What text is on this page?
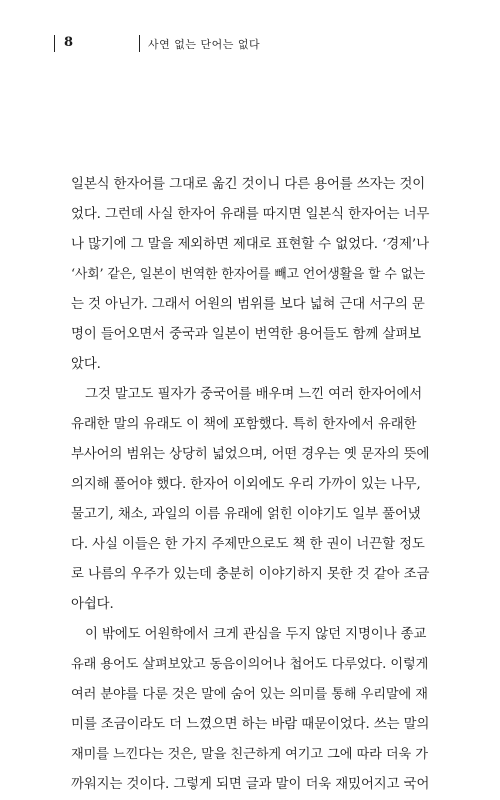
8	사연 없는 단어는 없다
일본식 한자어를 그대로 옮긴 것이니 다른 용어를 쓰자는 것이
었다. 그런데 사실 한자어 유래를 따지면 일본식 한자어는 너무
나 많기에 그 말을 제외하면 제대로 표현할 수 없었다. ‘경제’나
‘사회’ 같은, 일본이 번역한 한자어를 빼고 언어생활을 할 수 없는
는 것 아닌가. 그래서 어원의 범위를 보다 넓혀 근대 서구의 문
명이 들어오면서 중국과 일본이 번역한 용어들도 함께 살펴보
았다.
그것 말고도 필자가 중국어를 배우며 느낀 여러 한자어에서
유래한 말의 유래도 이 책에 포함했다. 특히 한자에서 유래한
부사어의 범위는 상당히 넓었으며, 어떤 경우는 옛 문자의 뜻에
의지해 풀어야 했다. 한자어 이외에도 우리 가까이 있는 나무,
물고기, 채소, 과일의 이름 유래에 얽힌 이야기도 일부 풀어냈
다. 사실 이들은 한 가지 주제만으로도 책 한 권이 너끈할 정도
로 나름의 우주가 있는데 충분히 이야기하지 못한 것 같아 조금
아쉽다.
이 밖에도 어원학에서 크게 관심을 두지 않던 지명이나 종교
유래 용어도 살펴보았고 동음이의어나 첩어도 다루었다. 이렇게
여러 분야를 다룬 것은 말에 숨어 있는 의미를 통해 우리말에 재
미를 조금이라도 더 느꼈으면 하는 바람 때문이었다. 쓰는 말의
재미를 느낀다는 것은, 말을 친근하게 여기고 그에 따라 더욱 가
까워지는 것이다. 그렇게 되면 글과 말이 더욱 재밌어지고 국어
